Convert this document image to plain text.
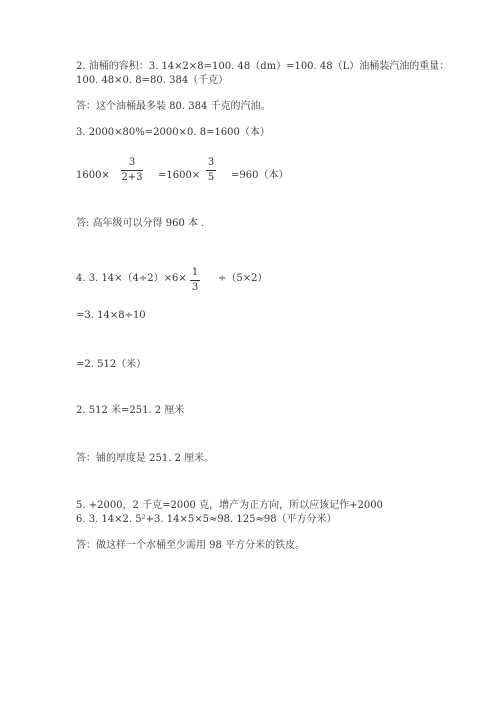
2. 油桶的容积：3. 14×2×8=100. 48（dm）=100. 48（L）油桶装汽油的重量：
100. 48×0. 8=80. 384（千克）
答：这个油桶最多装 80. 384 千克的汽油。
3. 2000×80%=2000×0. 8=1600（本）
1600×
3
2+3 =1600×
3
5 =960（本）
答: 高年级可以分得 960 本 .
4. 3. 14×（4÷2）×6×
1
3
÷（5×2）
=3. 14×8÷10
=2. 512（米）
2. 512 米=251. 2 厘米
答：铺的厚度是 251. 2 厘米。
5. +2000，2 千克=2000 克，增产为正方向，所以应该记作+2000
6. 3. 14×2. 5²+3. 14×5×5≈98. 125≈98（平方分米）
答：做这样一个水桶至少需用 98 平方分米的铁皮。
